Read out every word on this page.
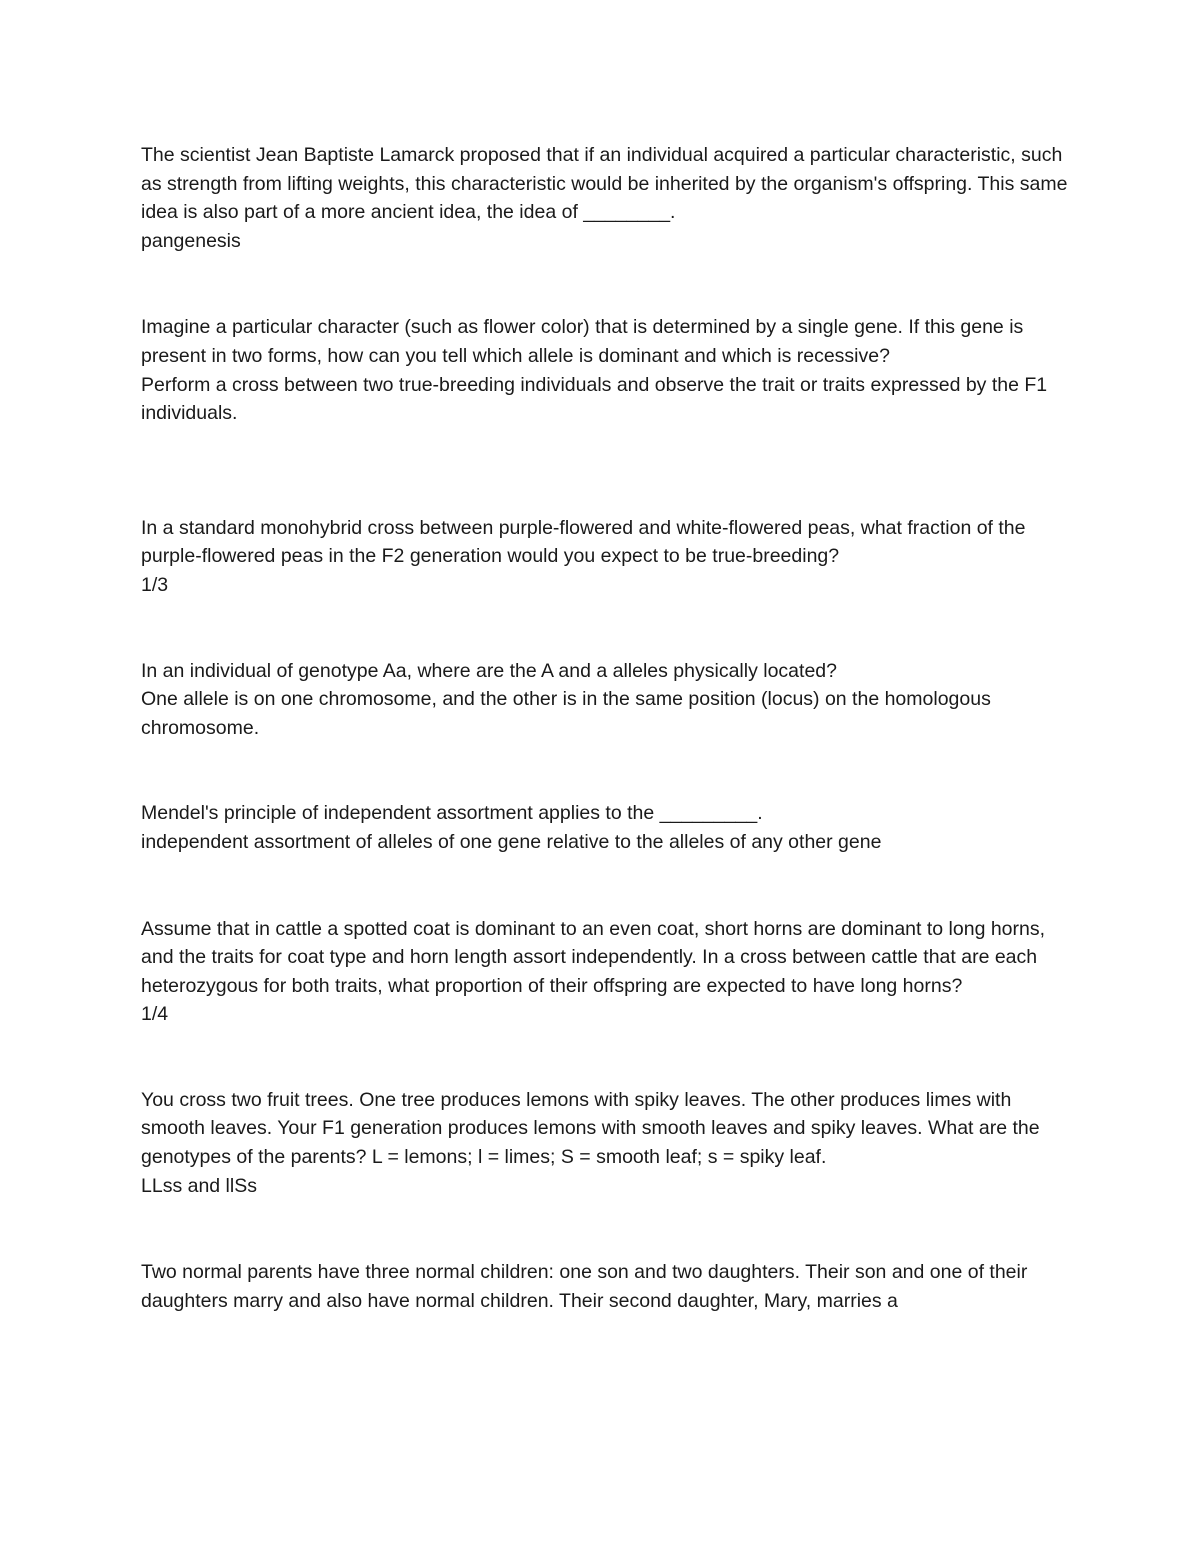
The scientist Jean Baptiste Lamarck proposed that if an individual acquired a particular characteristic, such as strength from lifting weights, this characteristic would be inherited by the organism's offspring. This same idea is also part of a more ancient idea, the idea of ________.

pangenesis

Imagine a particular character (such as flower color) that is determined by a single gene. If this gene is present in two forms, how can you tell which allele is dominant and which is recessive?

Perform a cross between two true-breeding individuals and observe the trait or traits expressed by the F1 individuals.

In a standard monohybrid cross between purple-flowered and white-flowered peas, what fraction of the purple-flowered peas in the F2 generation would you expect to be true-breeding?

1/3

In an individual of genotype Aa, where are the A and a alleles physically located?

One allele is on one chromosome, and the other is in the same position (locus) on the homologous chromosome.

Mendel's principle of independent assortment applies to the _________.

independent assortment of alleles of one gene relative to the alleles of any other gene

Assume that in cattle a spotted coat is dominant to an even coat, short horns are dominant to long horns, and the traits for coat type and horn length assort independently. In a cross between cattle that are each heterozygous for both traits, what proportion of their offspring are expected to have long horns?

1/4

You cross two fruit trees. One tree produces lemons with spiky leaves. The other produces limes with smooth leaves. Your F1 generation produces lemons with smooth leaves and spiky leaves. What are the genotypes of the parents? L = lemons; l = limes; S = smooth leaf; s = spiky leaf.

LLss and llSs

Two normal parents have three normal children: one son and two daughters. Their son and one of their daughters marry and also have normal children. Their second daughter, Mary, marries a
